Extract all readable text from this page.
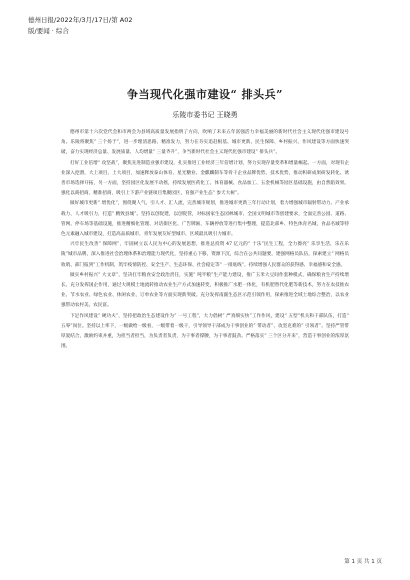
德州日报/2022年/3月/17日/第 A02
版/要闻 · 综合
争当现代化强市建设“ 排头兵”
乐陵市委书记 王晓勇

德州市第十六次党代会和市两会为县域高质量发展指明了方向，吹响了未来五年富强活力幸福美丽的新时代社会主义现代化强市建设号角。乐陵将聚焦“ 三个扬于”，进一步理清思路、精准发力，努力在夯实追赶根基、城市更新、民生保障、乡村振兴、作风建设等方面快速突破，奋力实现经济总量、发展质量、人均增量“ 三量齐升”，争当新时代社会主义现代化强市建设“ 排头兵”。

打好工业倍增“ 攻坚战”，聚焦先进制造业强市建设，扎实推进工业经济三年倍增计划，努力实现存量变革和增量崛起。一方面，对现有企业深入挖潜，大上项目、上大项目，加速释放泰山体育、星光糖业、金麒麟制车等骨干企业品牌优势、技术优势，推动积研成果研发转化、诱善市场选择开拓，另一方面，坚持园区化发展不动摇，持续发展医药化工、体育器械、食品加工、五金机械等园区基础设施，由自然陷效果。强化以商招商、精准招商，吸引上下游产业链项目集聚园区，育强产业生态“ 参天大树”。

做好城市更新“ 增优化”，围绕聚人气、引人才、汇人流，完善城市规划，推进城市更新三年行动计划，着力增强城市辐射带动力、产业承载力、人才吸引力，打造“ 精致县城”。坚持以创促建，以创促管，对标国家生态园林城市、全国文明城市等创建要求，全面完善公园、道路、管网、停车场等基础设施，推进精细化管理、对话街区化、广告牌匾、车辆停放等进行集中整理，提造北部乡、特色体育名城，食品名城等特色元素融入城市建设，打造高品质城市，青年发展友好型城市、区域最具吸引力城市。

兴牢民生改善“ 保障网”，牢固树立以人民为中心的发展思想，推进总投资 47 亿元的“ 十乐”民生工程，全力擦亮“ 乐享生活，乐在乐陵”城市品牌，深入推进社会治理体系和治理能力现代化，坚持重心下移，资源下沉，综合在公共问题要，建强网格员队伍，探索建立“ 网格员收哨、部门报到”工作机制，筑牢疫情防控、安全生产、生态环保、社会稳定等“ 一排底线”，持续增强人民群众的获得感、幸福感和安全感。

做实乡村振兴“ 大文章”，坚决扛牢粮食安全政治责任，实施“ 吨半粮”生产能力建设，推广玉米大豆间作套种模式，确保粮食生产持续增长。充分发挥国企作用，通过大规模土地流转推动农业生产方式加速转变，积极推广水肥一体化，有机肥替代化肥等新技术，努力在农技推农业、节水农业、绿色农业、休闲农业、订单农业等方面实现新突破。充分发挥南副生态区示范引领作用，探索推进全域土地综合整治，以农业强带动农村美、农民富。

下足作风建设“ 硬功夫”，坚持把政治生态建设作为“ 一号工程”，大力倡树“ 严真细实快”工作作风，建设“ 五型”机关和干部队伍，打造“ 五零”岗位。坚持以上率下，一级做给一级看，一级带着一级干，引导领导干部成为干事创业的“ 带动者”、攻坚克难的“ 引领者”。坚持严管带厚爱结合，激励约束并重，为担当者担当，为负责者负责，为干事者撑腰，为干事者鼓劲。严格落实“ 三个区分开来”，营造干事创业的浓厚氛围。

第 1 页 共 1 页
